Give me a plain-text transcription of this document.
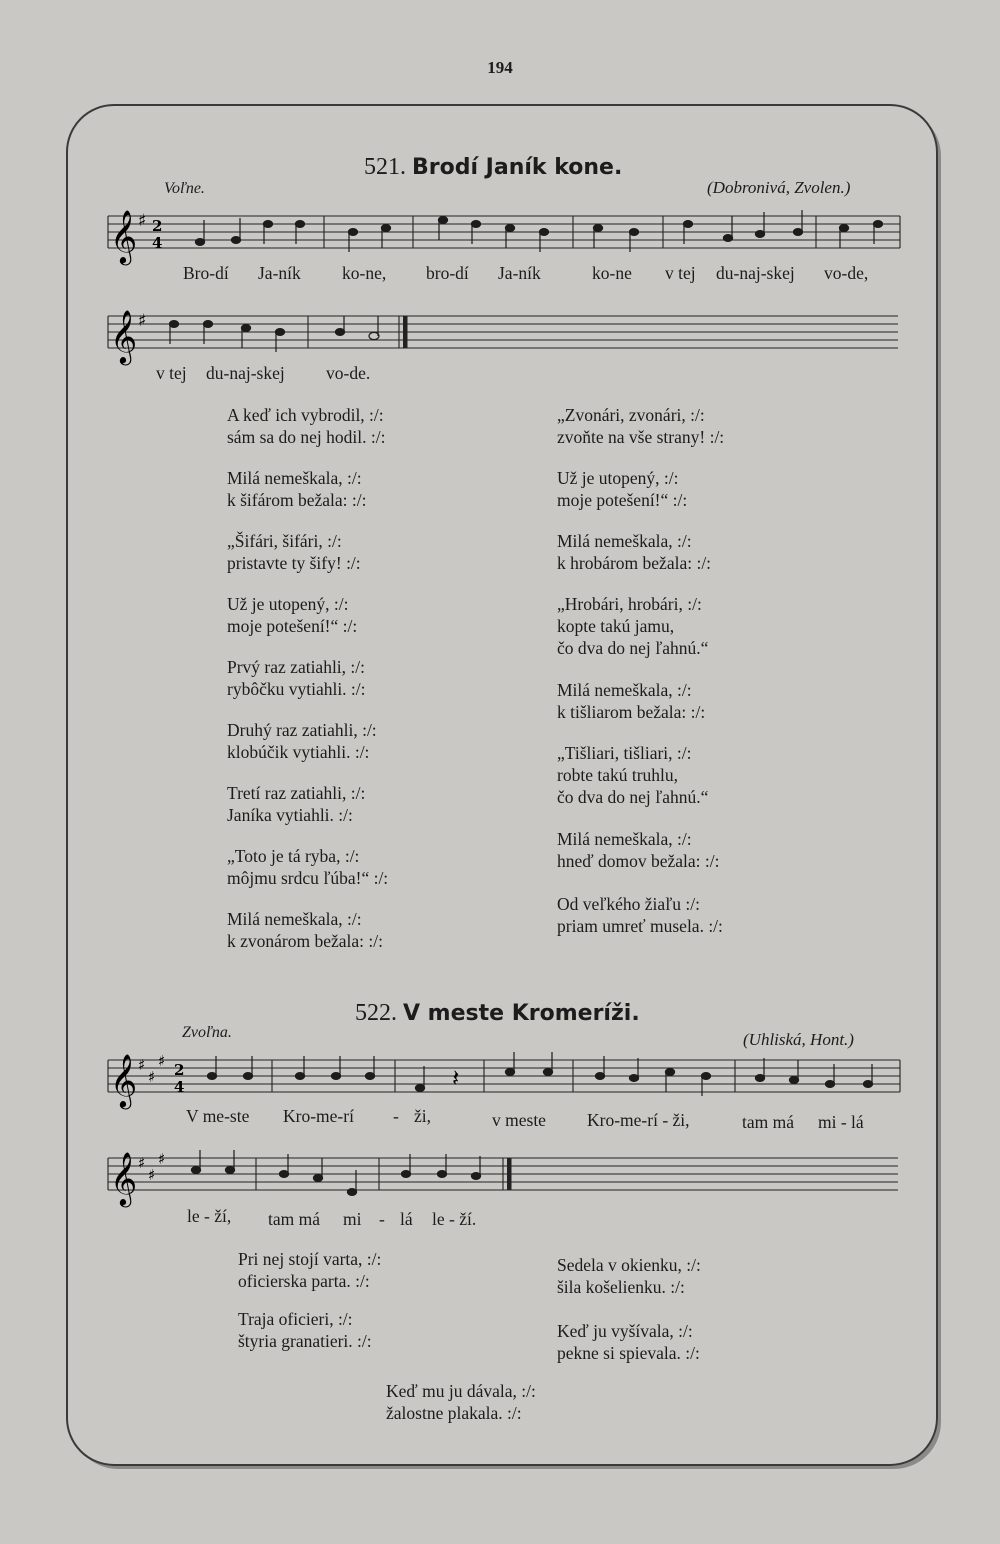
194
521. Brodí Janík kone.
Voľne.	(Dobronivá, Zvolen.)
𝄞 ♯ 2
4
Bro-dí Ja-ník ko-ne, bro-dí Ja-ník	ko-ne v tej du-naj-skej vo-de,
𝄞 ♯
v tej du-naj-skej vo-de.
A keď ich vybrodil, :/:
sám sa do nej hodil. :/:
Milá nemeškala, :/:
k šifárom bežala: :/:
„Šifári, šifári, :/:
pristavte ty šify! :/:
Už je utopený, :/:
moje potešení!“ :/:
Prvý raz zatiahli, :/:
rybôčku vytiahli. :/:
Druhý raz zatiahli, :/:
klobúčik vytiahli. :/:
Tretí raz zatiahli, :/:
Janíka vytiahli. :/:
„Toto je tá ryba, :/:
môjmu srdcu ľúba!“ :/:
Milá nemeškala, :/:
k zvonárom bežala: :/:
„Zvonári, zvonári, :/:
zvoňte na vše strany! :/:
Už je utopený, :/:
moje potešení!“ :/:
Milá nemeškala, :/:
k hrobárom bežala: :/:
„Hrobári, hrobári, :/:
kopte takú jamu,
čo dva do nej ľahnú.“
Milá nemeškala, :/:
k tišliarom bežala: :/:
„Tišliari, tišliari, :/:
robte takú truhlu,
čo dva do nej ľahnú.“
Milá nemeškala, :/:
hneď domov bežala: :/:
Od veľkého žiaľu :/:
priam umreť musela. :/:
522. V meste Kromeríži.
Zvoľna.	(Uhliská, Hont.)
𝄞 ♯
♯
♯ 2
4	𝄽
V me-ste Kro-me-rí - ži,	v meste Kro-me-rí - ži,	tam má mi - lá
𝄞 ♯
♯
♯
le - ží, tam má mi - lá le - ží.
Pri nej stojí varta, :/:
oficierska parta. :/:
Traja oficieri, :/:
štyria granatieri. :/:
Sedela v okienku, :/:
šila košelienku. :/:
Keď ju vyšívala, :/:
pekne si spievala. :/:
Keď mu ju dávala, :/:
žalostne plakala. :/:
